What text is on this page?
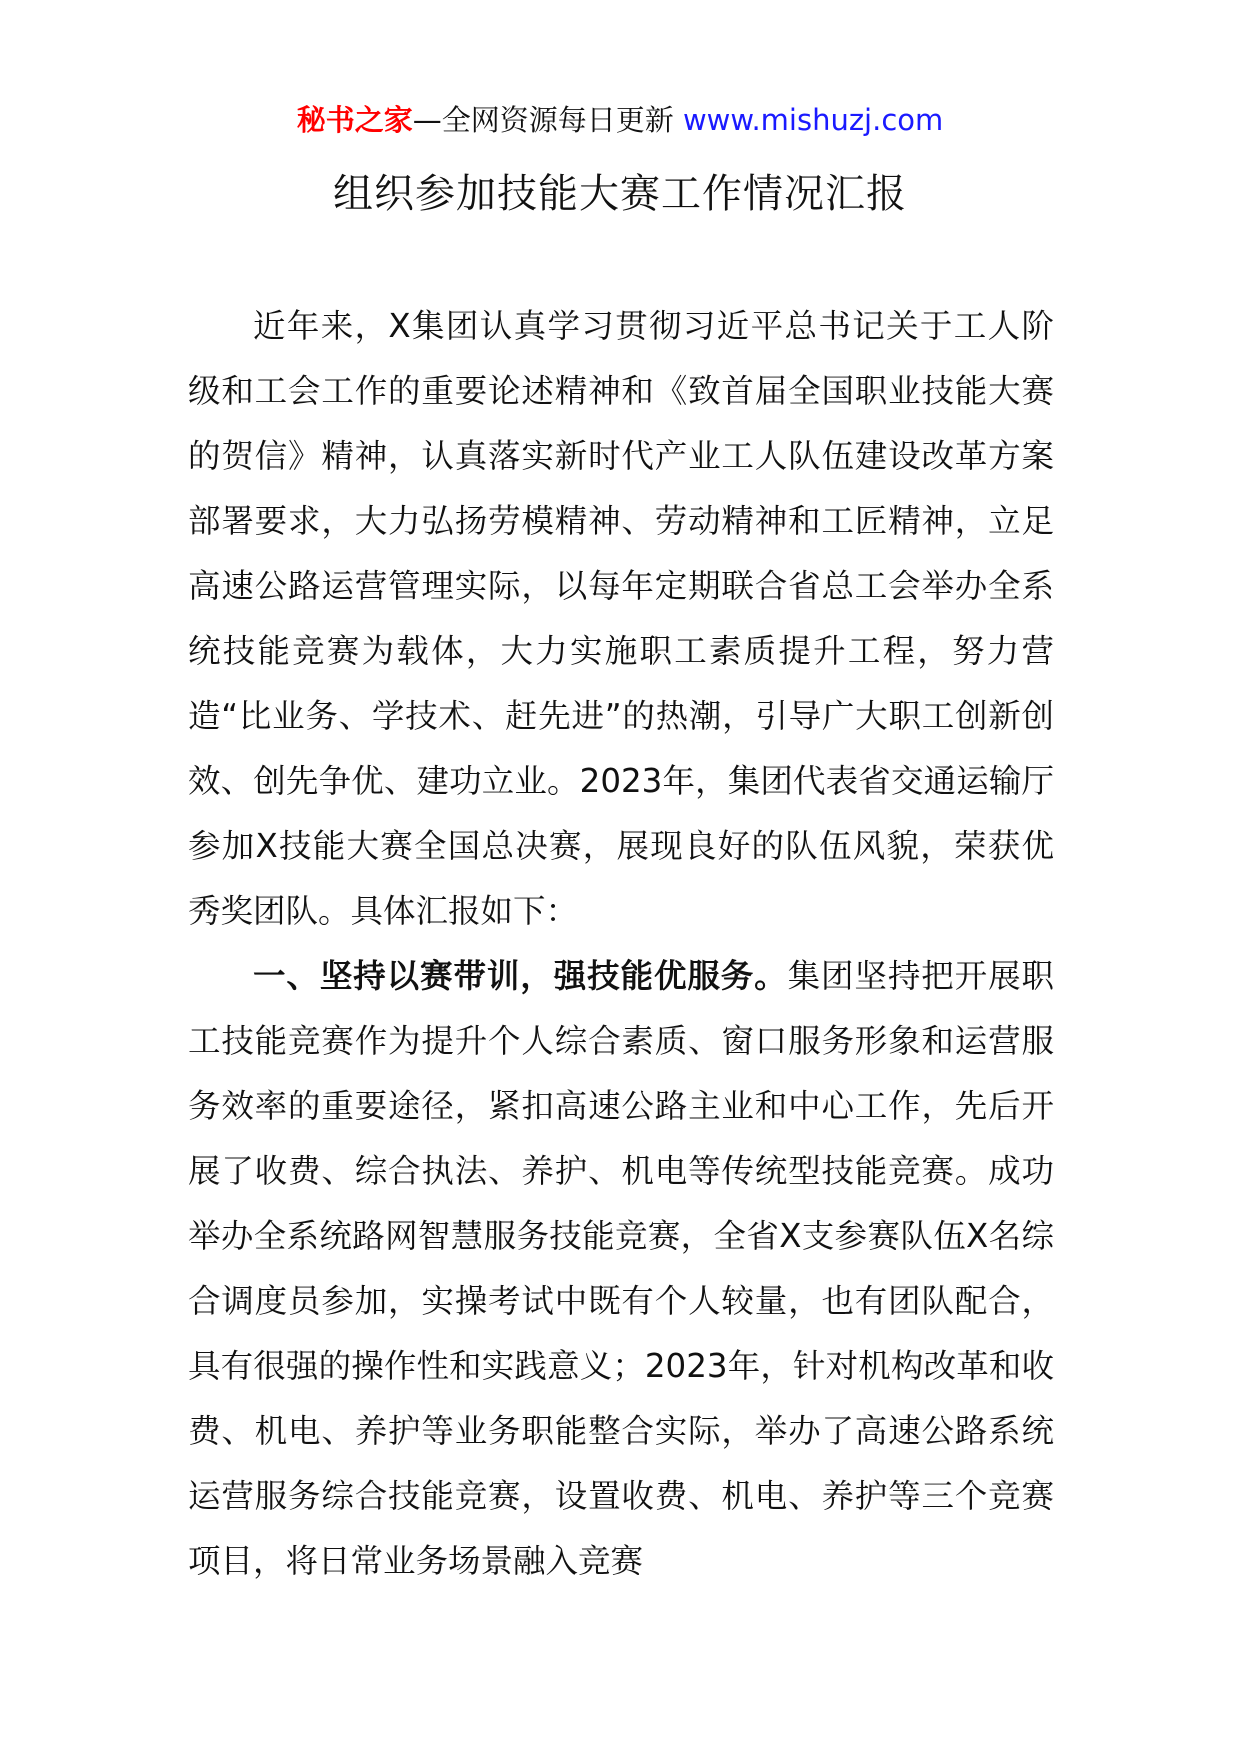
秘书之家—全网资源每日更新 www.mishuzj.com
组织参加技能大赛工作情况汇报

近年来，X集团认真学习贯彻习近平总书记关于工人阶级和工会工作的重要论述精神和《致首届全国职业技能大赛的贺信》精神，认真落实新时代产业工人队伍建设改革方案部署要求，大力弘扬劳模精神、劳动精神和工匠精神，立足高速公路运营管理实际，以每年定期联合省总工会举办全系统技能竞赛为载体，大力实施职工素质提升工程，努力营造“比业务、学技术、赶先进”的热潮，引导广大职工创新创效、创先争优、建功立业。2023年，集团代表省交通运输厅参加X技能大赛全国总决赛，展现良好的队伍风貌，荣获优秀奖团队。具体汇报如下：

一、坚持以赛带训，强技能优服务。集团坚持把开展职工技能竞赛作为提升个人综合素质、窗口服务形象和运营服务效率的重要途径，紧扣高速公路主业和中心工作，先后开展了收费、综合执法、养护、机电等传统型技能竞赛。成功举办全系统路网智慧服务技能竞赛，全省X支参赛队伍X名综合调度员参加，实操考试中既有个人较量，也有团队配合，具有很强的操作性和实践意义；2023年，针对机构改革和收费、机电、养护等业务职能整合实际，举办了高速公路系统运营服务综合技能竞赛，设置收费、机电、养护等三个竞赛项目，将日常业务场景融入竞赛
